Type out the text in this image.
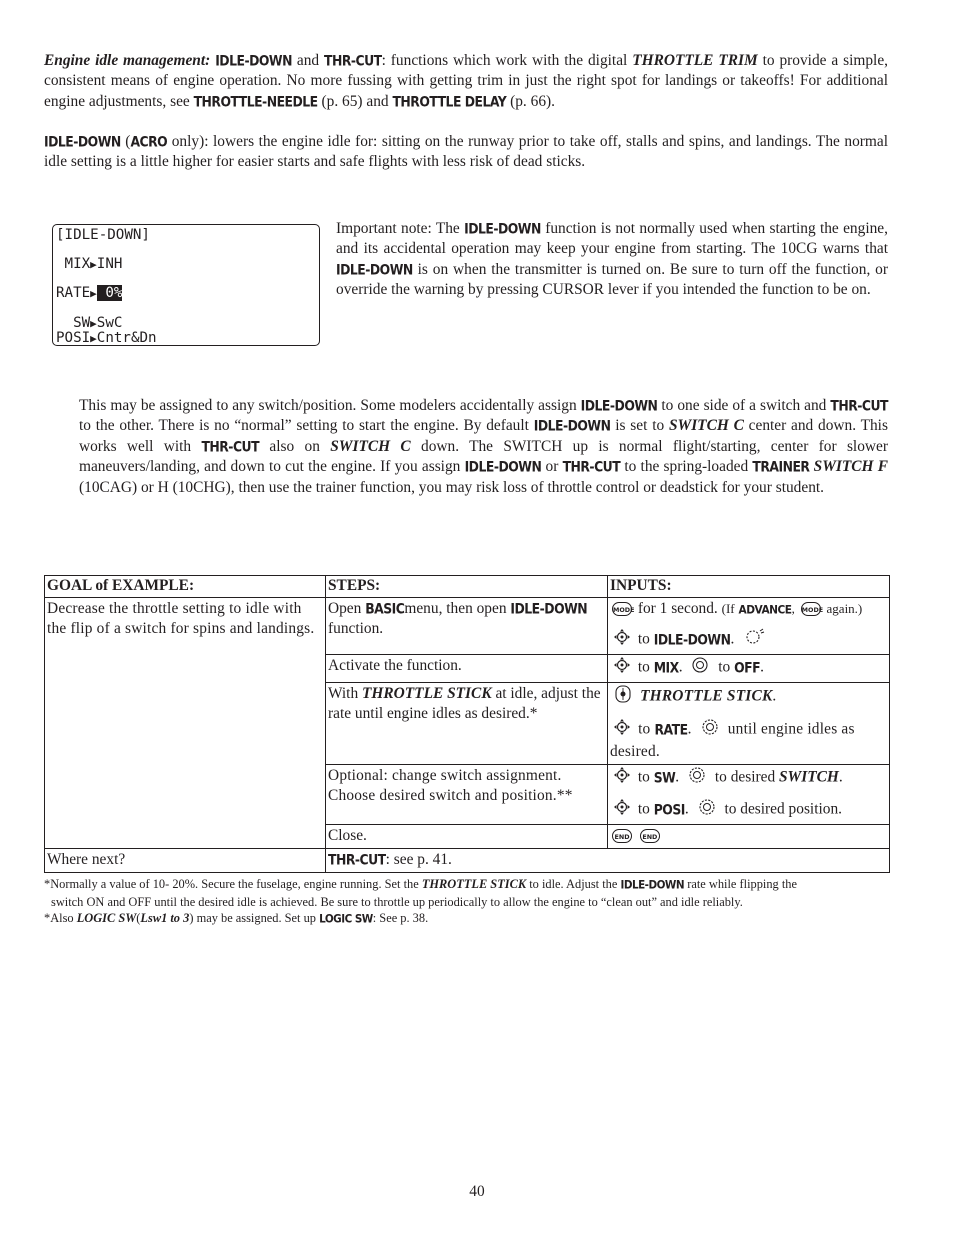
Engine idle management: IDLE-DOWN and THR-CUT: functions which work with the digital THROTTLE TRIM to provide a simple, consistent means of engine operation. No more fussing with getting trim in just the right spot for landings or takeoffs! For additional engine adjustments, see THROTTLE-NEEDLE (p. 65) and THROTTLE DELAY (p. 66).

IDLE-DOWN (ACRO only): lowers the engine idle for: sitting on the runway prior to take off, stalls and spins, and landings. The normal idle setting is a little higher for easier starts and safe flights with less risk of dead sticks.

[IDLE-DOWN]
MIX▶INH
RATE▶ 0%
SW▶SwC
POSI▶Cntr&Dn

Important note: The IDLE-DOWN function is not normally used when starting the engine, and its accidental operation may keep your engine from starting. The 10CG warns that IDLE-DOWN is on when the transmitter is turned on. Be sure to turn off the function, or override the warning by pressing CURSOR lever if you intended the function to be on.

This may be assigned to any switch/position. Some modelers accidentally assign IDLE-DOWN to one side of a switch and THR-CUT to the other. There is no “normal” setting to start the engine. By default IDLE-DOWN is set to SWITCH C center and down. This works well with THR-CUT also on SWITCH C down. The SWITCH up is normal flight/starting, center for slower maneuvers/landing, and down to cut the engine. If you assign IDLE-DOWN or THR-CUT to the spring-loaded TRAINER SWITCH F (10CAG) or H (10CHG), then use the trainer function, you may risk loss of throttle control or deadstick for your student.

GOAL of EXAMPLE:	STEPS:	INPUTS:
Decrease the throttle setting to idle with the flip of a switch for spins and landings.	Open BASICmenu, then open IDLE-DOWN function.	MODE for 1 second. (If ADVANCE, MODE again.)
to IDLE-DOWN.

	Activate the function.	to MIX. to OFF.
	With THROTTLE STICK at idle, adjust the rate until engine idles as desired.*	THROTTLE STICK.
to RATE. until engine idles as desired.

	Optional: change switch assignment. Choose desired switch and position.**	to SW. to desired SWITCH.
to POSI. to desired position.

	Close.	END END
Where next?	THR-CUT: see p. 41.	
*Normally a value of 10- 20%. Secure the fuselage, engine running. Set the THROTTLE STICK to idle. Adjust the IDLE-DOWN rate while flipping the
switch ON and OFF until the desired idle is achieved. Be sure to throttle up periodically to allow the engine to “clean out” and idle reliably.
*Also LOGIC SW(Lsw1 to 3) may be assigned. Set up LOGIC SW: See p. 38.
40
